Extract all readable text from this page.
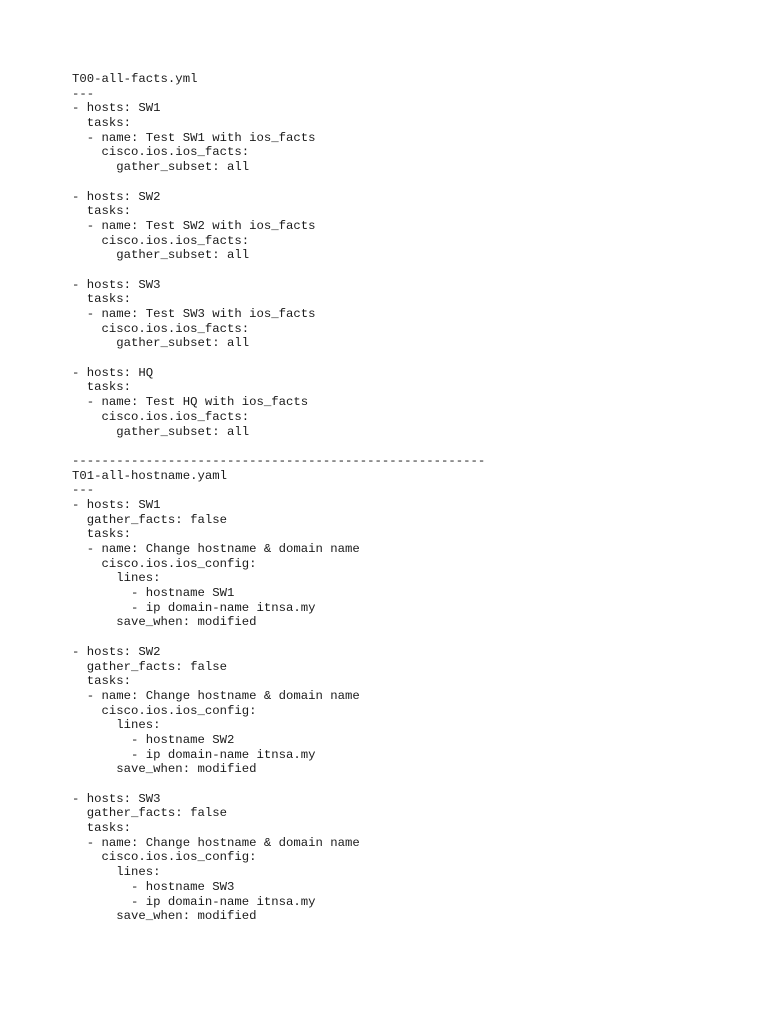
T00-all-facts.yml
---
- hosts: SW1
tasks:
- name: Test SW1 with ios_facts
cisco.ios.ios_facts:
gather_subset: all
- hosts: SW2
tasks:
- name: Test SW2 with ios_facts
cisco.ios.ios_facts:
gather_subset: all
- hosts: SW3
tasks:
- name: Test SW3 with ios_facts
cisco.ios.ios_facts:
gather_subset: all
- hosts: HQ
tasks:
- name: Test HQ with ios_facts
cisco.ios.ios_facts:
gather_subset: all
--------------------------------------------------------
T01-all-hostname.yaml
---
- hosts: SW1
gather_facts: false
tasks:
- name: Change hostname & domain name
cisco.ios.ios_config:
lines:
- hostname SW1
- ip domain-name itnsa.my
save_when: modified
- hosts: SW2
gather_facts: false
tasks:
- name: Change hostname & domain name
cisco.ios.ios_config:
lines:
- hostname SW2
- ip domain-name itnsa.my
save_when: modified
- hosts: SW3
gather_facts: false
tasks:
- name: Change hostname & domain name
cisco.ios.ios_config:
lines:
- hostname SW3
- ip domain-name itnsa.my
save_when: modified
